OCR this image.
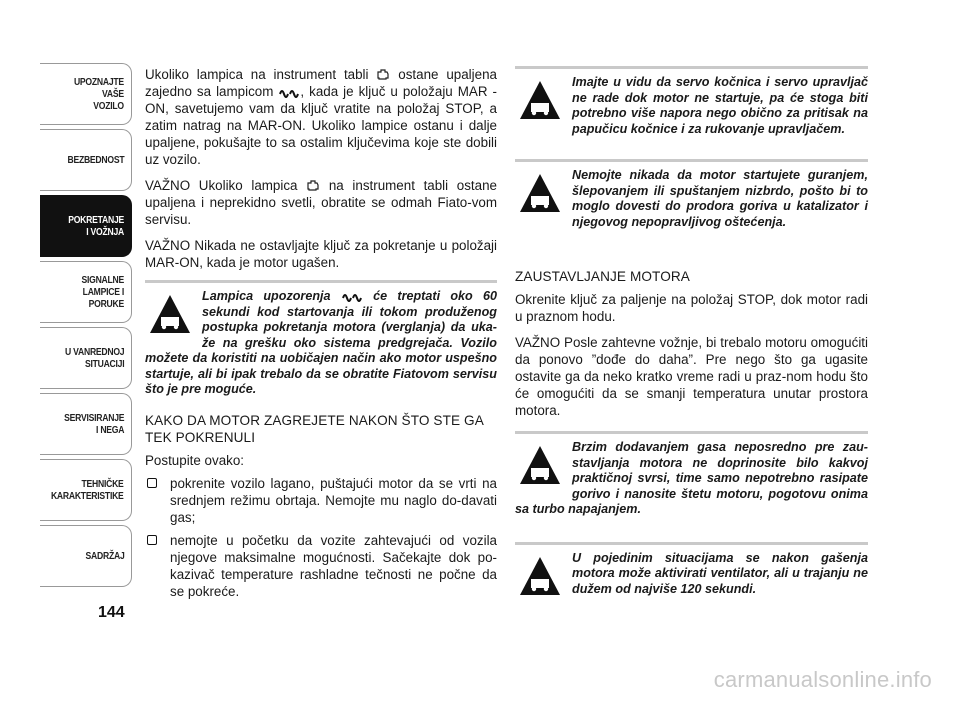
UPOZNAJTE
VAŠE
VOZILO
BEZBEDNOST
POKRETANJE
I VOŽNJA
SIGNALNE
LAMPICE I PORUKE
U VANREDNOJ
SITUACIJI
SERVISIRANJE
I NEGA
TEHNIČKE
KARAKTERISTIKE
SADRŽAJ
144

Ukoliko lampica na instrument tabli ostane upaljena zajedno sa lampicom , kada je ključ u položaju MAR -ON, savetujemo vam da ključ vratite na položaj STOP, a zatim natrag na MAR-ON. Ukoliko lampice ostanu i dalje upaljene, pokušajte to sa ostalim ključevima koje ste dobili uz vozilo.

VAŽNO Ukoliko lampica na instrument tabli ostane upaljena i neprekidno svetli, obratite se odmah Fiato-vom servisu.

VAŽNO Nikada ne ostavljajte ključ za pokretanje u položaji MAR-ON, kada je motor ugašen.

Lampica upozorenja	će treptati oko 60 sekundi kod startovanja ili tokom produženog postupka pokretanja motora (verglanja) da uka-že na grešku oko sistema predgrejača. Vozilo možete da koristiti na uobičajen način ako motor uspešno startuje, ali bi ipak trebalo da se obratite Fiatovom servisu što je pre moguće.
KAKO DA MOTOR ZAGREJETE NAKON ŠTO STE GA TEK POKRENULI

Postupite ovako:

pokrenite vozilo lagano, puštajući motor da se vrti na srednjem režimu obrtaja. Nemojte mu naglo do-davati gas;
nemojte u početku da vozite zahtevajući od vozila njegove maksimalne mogućnosti. Sačekajte dok po-kazivač temperature rashladne tečnosti ne počne da se pokreće.
Imajte u vidu da servo kočnica i servo upravljač ne rade dok motor ne startuje, pa će stoga biti potrebno više napora nego obično za pritisak na papučicu kočnice i za rukovanje upravljačem.
Nemojte nikada da motor startujete guranjem, šlepovanjem ili spuštanjem nizbrdo, pošto bi to moglo dovesti do prodora goriva u katalizator i njegovog nepopravljivog oštećenja.
ZAUSTAVLJANJE MOTORA

Okrenite ključ za paljenje na položaj STOP, dok motor radi u praznom hodu.

VAŽNO Posle zahtevne vožnje, bi trebalo motoru omogućiti da ponovo ”dođe do daha”. Pre nego što ga ugasite ostavite ga da neko kratko vreme radi u praz-nom hodu što će omogućiti da se smanji temperatura unutar prostora motora.

Brzim dodavanjem gasa neposredno pre zau-stavljanja motora ne doprinosite bilo kakvoj praktičnoj svrsi, time samo nepotrebno rasipate gorivo i nanosite štetu motoru, pogotovu onima sa turbo napajanjem.
U pojedinim situacijama se nakon gašenja motora može aktivirati ventilator, ali u trajanju ne dužem od najviše 120 sekundi.
carmanualsonline.info
